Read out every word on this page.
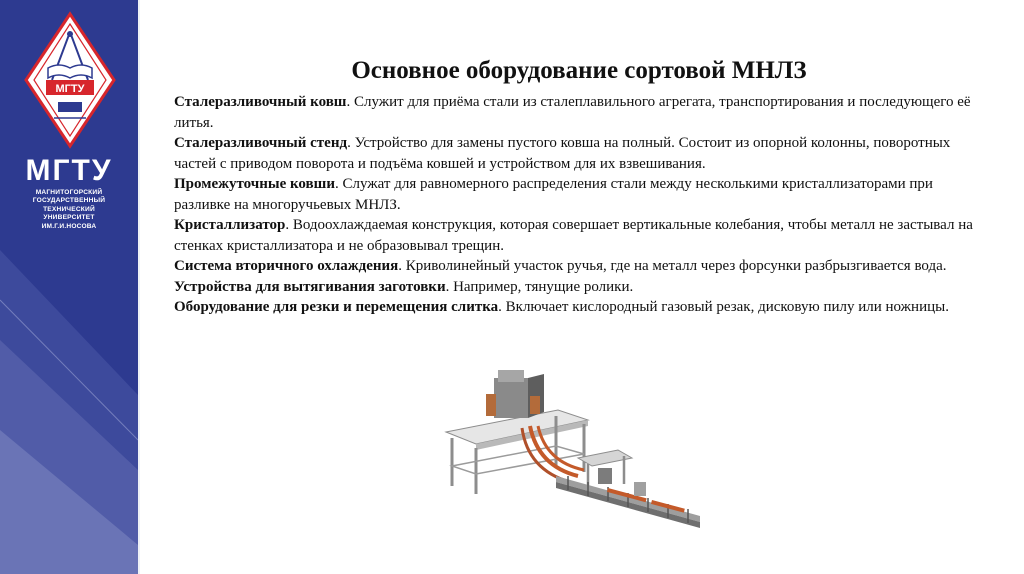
МГТУ
МГТУ
МАГНИТОГОРСКИЙ
ГОСУДАРСТВЕННЫЙ
ТЕХНИЧЕСКИЙ
УНИВЕРСИТЕТ
ИМ.Г.И.НОСОВА
Основное оборудование сортовой МНЛЗ

Сталеразливочный ковш. Служит для приёма стали из сталеплавильного агрегата, транспортирования и последующего её литья.

Сталеразливочный стенд. Устройство для замены пустого ковша на полный. Состоит из опорной колонны, поворотных частей с приводом поворота и подъёма ковшей и устройством для их взвешивания.

Промежуточные ковши. Служат для равномерного распределения стали между несколькими кристаллизаторами при разливке на многоручьевых МНЛЗ.

Кристаллизатор. Водоохлаждаемая конструкция, которая совершает вертикальные колебания, чтобы металл не застывал на стенках кристаллизатора и не образовывал трещин.

Система вторичного охлаждения. Криволинейный участок ручья, где на металл через форсунки разбрызгивается вода.

Устройства для вытягивания заготовки. Например, тянущие ролики.

Оборудование для резки и перемещения слитка. Включает кислородный газовый резак, дисковую пилу или ножницы.
